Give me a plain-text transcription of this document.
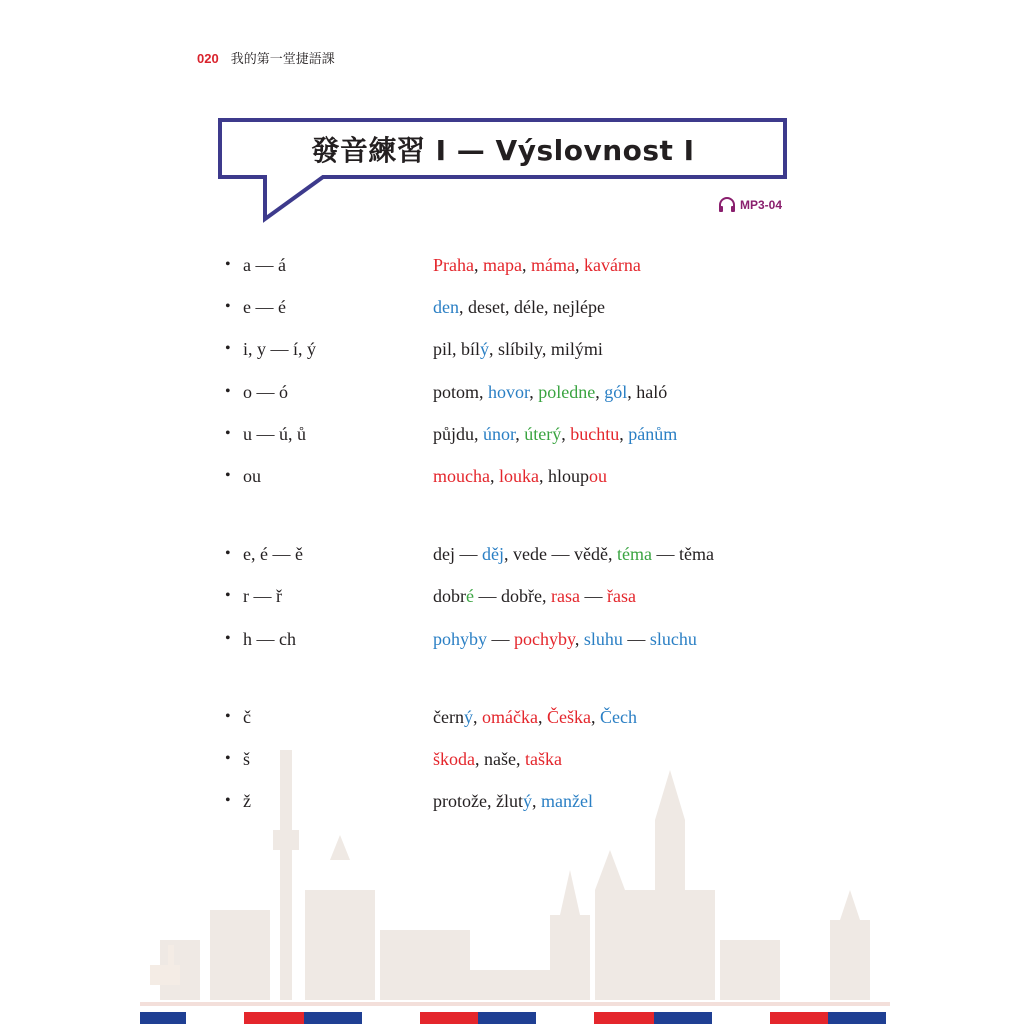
020 我的第一堂捷語課
發音練習 I — Výslovnost I
MP3-04
• a — á	Praha, mapa, máma, kavárna
• e — é	den, deset, déle, nejlépe
• i, y — í, ý	pil, bílý, slíbily, milými
• o — ó	potom, hovor, poledne, gól, haló
• u — ú, ů	půjdu, únor, úterý, buchtu, pánům
• ou	moucha, louka, hloupou
• e, é — ě	dej — děj, vede — vědě, téma — těma
• r — ř	dobré — dobře, rasa — řasa
• h — ch	pohyby — pochyby, sluhu — sluchu
• č	černý, omáčka, Češka, Čech
• š	škoda, naše, taška
• ž	protože, žlutý, manžel
